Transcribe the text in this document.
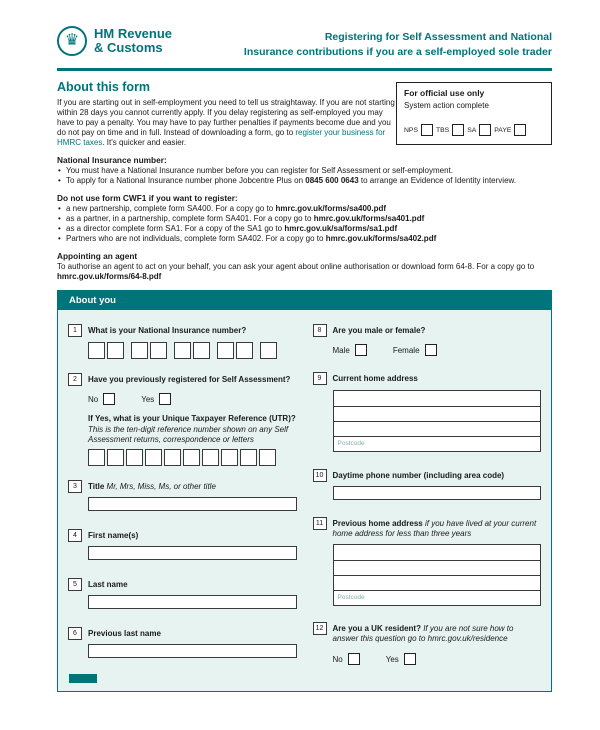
♛ HM Revenue
& Customs
Registering for Self Assessment and National
Insurance contributions if you are a self-employed sole trader
About this form

If you are starting out in self-employment you need to tell us straightaway. If you are not starting within 28 days you cannot currently apply. If you delay registering as self-employed you may have to pay a penalty. You may have to pay further penalties if payments become due and you do not pay on time and in full. Instead of downloading a form, go to register your business for HMRC taxes. It's quicker and easier.

For official use only
System action complete
NPS	TBS	SA	PAYE
National Insurance number:
• You must have a National Insurance number before you can register for Self Assessment or self-employment.
• To apply for a National Insurance number phone Jobcentre Plus on 0845 600 0643 to arrange an Evidence of Identity interview.
Do not use form CWF1 if you want to register:
• a new partnership, complete form SA400. For a copy go to hmrc.gov.uk/forms/sa400.pdf
• as a partner, in a partnership, complete form SA401. For a copy go to hmrc.gov.uk/forms/sa401.pdf
• as a director complete form SA1. For a copy of the SA1 go to hmrc.gov.uk/sa/forms/sa1.pdf
• Partners who are not individuals, complete form SA402. For a copy go to hmrc.gov.uk/forms/sa402.pdf
Appointing an agent

To authorise an agent to act on your behalf, you can ask your agent about online authorisation or download form 64-8. For a copy go to hmrc.gov.uk/forms/64-8.pdf

About you
1	What is your National Insurance number?
2	Have you previously registered for Self Assessment?
No	Yes
If Yes, what is your Unique Taxpayer Reference (UTR)?
This is the ten-digit reference number shown on any Self Assessment returns, correspondence or letters
3	Title Mr, Mrs, Miss, Ms, or other title
4	First name(s)
5	Last name
6	Previous last name
8	Are you male or female?
Male	Female
9	Current home address
Postcode
10	Daytime phone number (including area code)
11	Previous home address if you have lived at your current home address for less than three years
Postcode
12	Are you a UK resident? If you are not sure how to answer this question go to hmrc.gov.uk/residence
No	Yes
